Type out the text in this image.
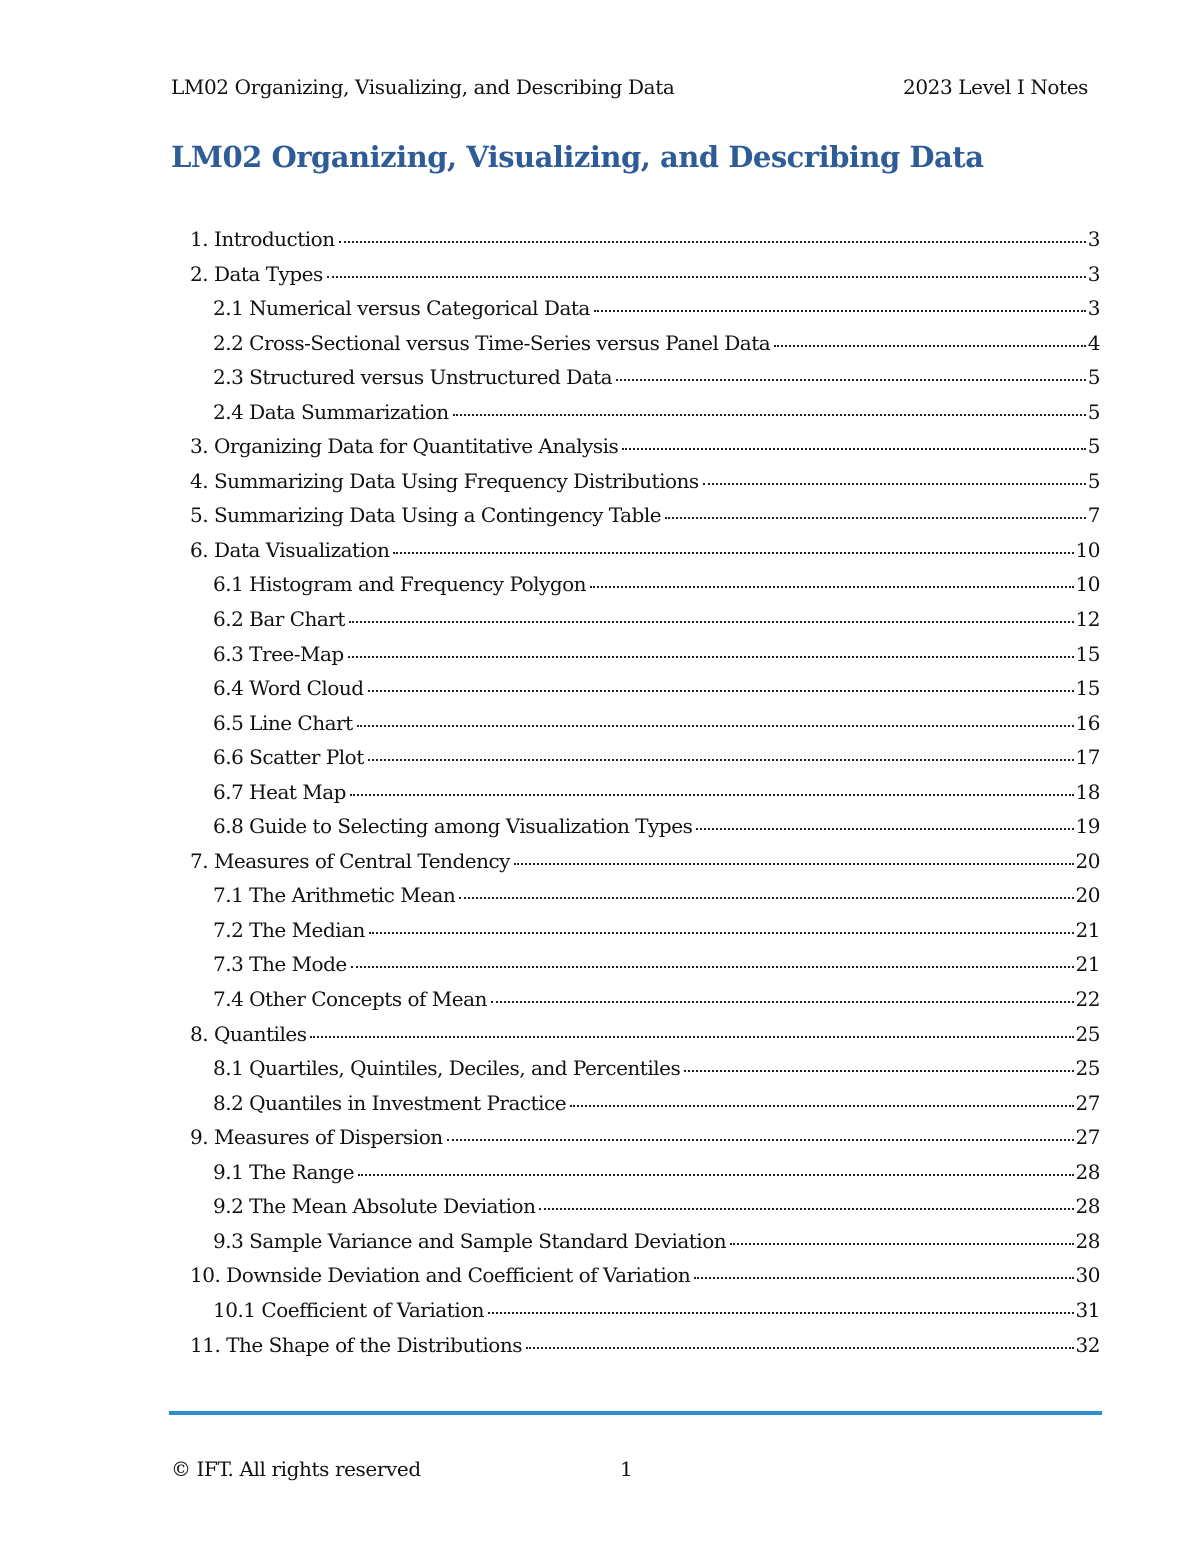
LM02 Organizing, Visualizing, and Describing Data	2023 Level I Notes
LM02 Organizing, Visualizing, and Describing Data
1. Introduction	3
2. Data Types	3
2.1 Numerical versus Categorical Data	3
2.2 Cross-Sectional versus Time-Series versus Panel Data	4
2.3 Structured versus Unstructured Data	5
2.4 Data Summarization	5
3. Organizing Data for Quantitative Analysis	5
4. Summarizing Data Using Frequency Distributions	5
5. Summarizing Data Using a Contingency Table	7
6. Data Visualization	10
6.1 Histogram and Frequency Polygon	10
6.2 Bar Chart	12
6.3 Tree-Map	15
6.4 Word Cloud	15
6.5 Line Chart	16
6.6 Scatter Plot	17
6.7 Heat Map	18
6.8 Guide to Selecting among Visualization Types	19
7. Measures of Central Tendency	20
7.1 The Arithmetic Mean	20
7.2 The Median	21
7.3 The Mode	21
7.4 Other Concepts of Mean	22
8. Quantiles	25
8.1 Quartiles, Quintiles, Deciles, and Percentiles	25
8.2 Quantiles in Investment Practice	27
9. Measures of Dispersion	27
9.1 The Range	28
9.2 The Mean Absolute Deviation	28
9.3 Sample Variance and Sample Standard Deviation	28
10. Downside Deviation and Coefficient of Variation	30
10.1 Coefficient of Variation	31
11. The Shape of the Distributions	32
© IFT. All rights reserved	1
